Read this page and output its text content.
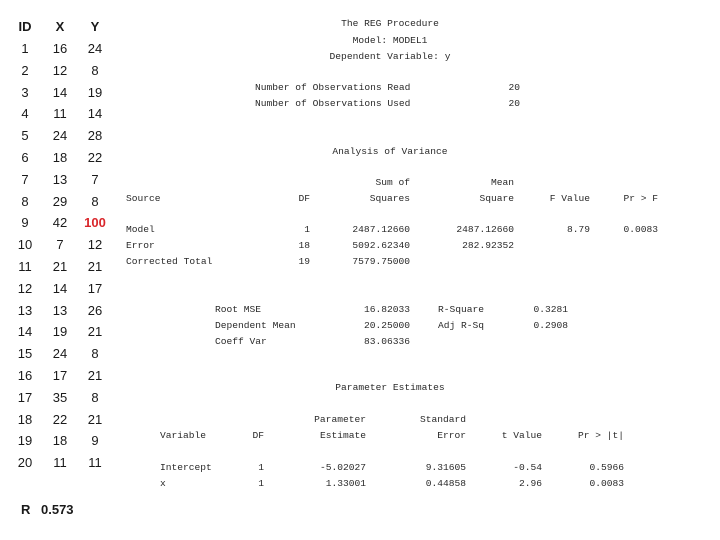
ID	X	Y
1	16	24
2	12	8
3	14	19
4	11	14
5	24	28
6	18	22
7	13	7
8	29	8
9	42	100
10	7	12
11	21	21
12	14	17
13	13	26
14	19	21
15	24	8
16	17	21
17	35	8
18	22	21
19	18	9
20	11	11
R 0.573
The REG Procedure
Model: MODEL1
Dependent Variable: y
Number of Observations Read	20
Number of Observations Used	20
Analysis of Variance
Sum of	Mean
Source	DF	Squares	Square	F Value	Pr > F
Model	1	2487.12660	2487.12660	8.79	0.0083
Error	18	5092.62340	282.92352
Corrected Total	19	7579.75000
Root MSE	16.82033	R-Square	0.3281
Dependent Mean	20.25000	Adj R-Sq	0.2908
Coeff Var	83.06336
Parameter Estimates
Parameter	Standard
Variable	DF	Estimate	Error	t Value	Pr > |t|
Intercept	1	-5.02027	9.31605	-0.54	0.5966
x	1	1.33001	0.44858	2.96	0.0083
